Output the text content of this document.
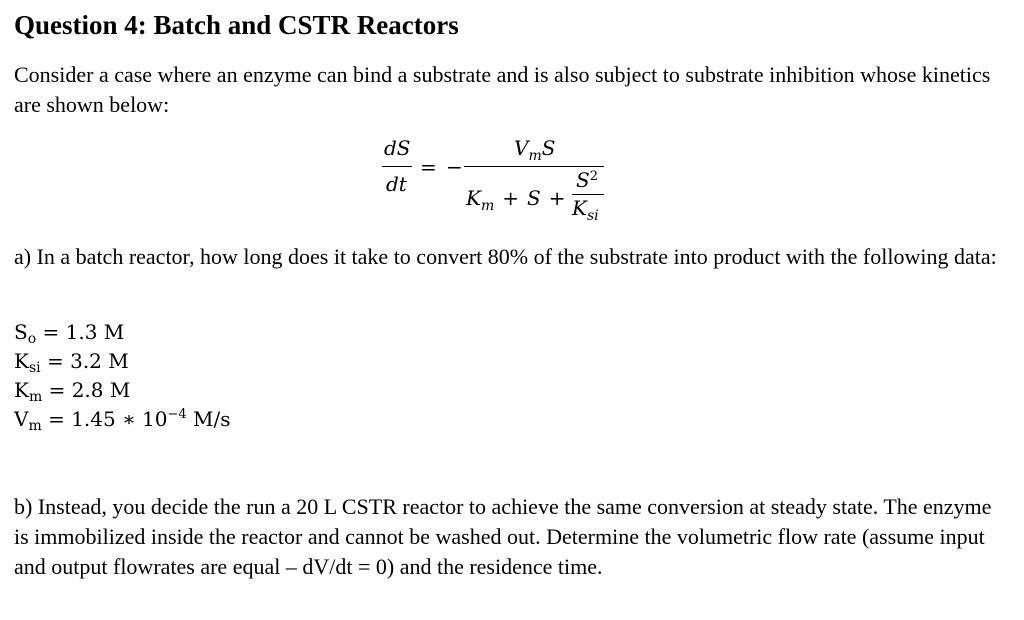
Question 4: Batch and CSTR Reactors
Consider a case where an enzyme can bind a substrate and is also subject to substrate inhibition whose kinetics are shown below:
dS
dt
= −
$V_mS$
$K_m + S$ +
$S^2$
$K_{si}$
a) In a batch reactor, how long does it take to convert 80% of the substrate into product with the following data:
$S_o = 1.3$ M
$K_{si} = 3.2$ M
$K_m = 2.8$ M
$V_m = 1.45$ ∗ $10^{-4}$ M/s
b) Instead, you decide the run a 20 L CSTR reactor to achieve the same conversion at steady state. The enzyme is immobilized inside the reactor and cannot be washed out. Determine the volumetric flow rate (assume input and output flowrates are equal – dV/dt = 0) and the residence time.
